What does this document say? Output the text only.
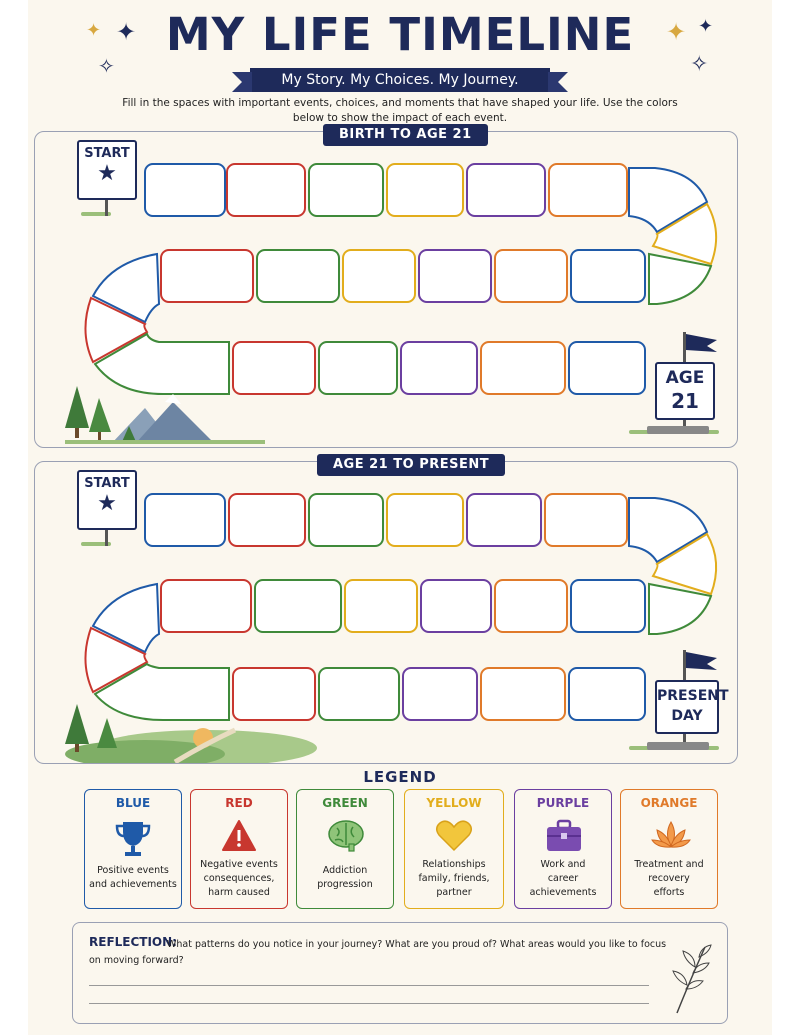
✦ ✦
✧
✦ ✦
✧
MY LIFE TIMELINE
My Story. My Choices. My Journey.
Fill in the spaces with important events, choices, and moments that have shaped your life. Use the colors below to show the impact of each event.
BIRTH TO AGE 21
START
★
AGE
21
AGE 21 TO PRESENT
START
★
PRESENT
DAY
LEGEND
BLUE
Positive events
and achievements
RED
Negative events
consequences,
harm caused
GREEN
Addiction
progression
YELLOW
Relationships
family, friends,
partner
PURPLE
Work and
career
achievements
ORANGE
Treatment and
recovery
efforts
REFLECTION:
What patterns do you notice in your journey? What are you proud of? What areas would you like to focus on moving forward?
